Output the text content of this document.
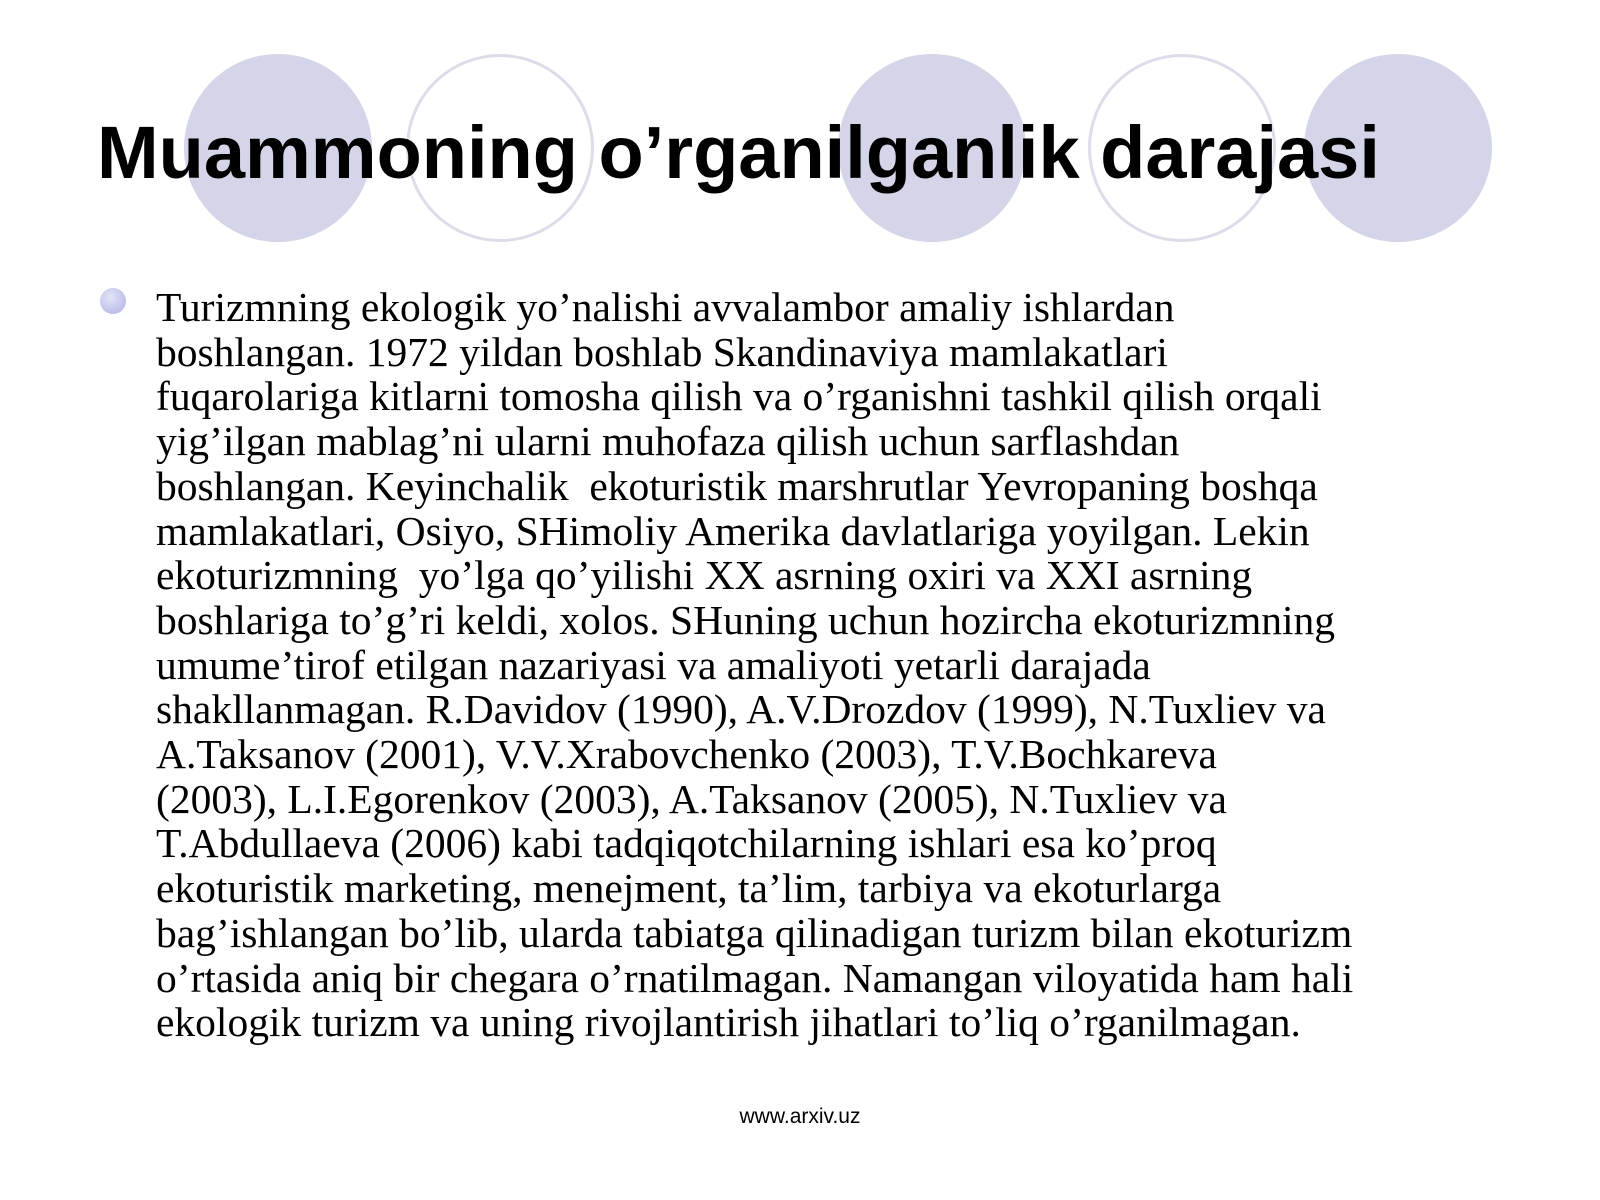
Muammoning o’rganilganlik darajasi
Turizmning ekologik yo’nalishi avvalambor amaliy ishlardan
boshlangan. 1972 yildan boshlab Skandinaviya mamlakatlari
fuqarolariga kitlarni tomosha qilish va o’rganishni tashkil qilish orqali
yig’ilgan mablag’ni ularni muhofaza qilish uchun sarflashdan
boshlangan. Keyinchalik  ekoturistik marshrutlar Yevropaning boshqa
mamlakatlari, Osiyo, SHimoliy Amerika davlatlariga yoyilgan. Lekin
ekoturizmning  yo’lga qo’yilishi XX asrning oxiri va XXI asrning
boshlariga to’g’ri keldi, xolos. SHuning uchun hozircha ekoturizmning
umume’tirof etilgan nazariyasi va amaliyoti yetarli darajada
shakllanmagan. R.Davidov (1990), A.V.Drozdov (1999), N.Tuxliev va
A.Taksanov (2001), V.V.Xrabovchenko (2003), T.V.Bochkareva
(2003), L.I.Egorenkov (2003), A.Taksanov (2005), N.Tuxliev va
T.Abdullaeva (2006) kabi tadqiqotchilarning ishlari esa ko’proq
ekoturistik marketing, menejment, ta’lim, tarbiya va ekoturlarga
bag’ishlangan bo’lib, ularda tabiatga qilinadigan turizm bilan ekoturizm
o’rtasida aniq bir chegara o’rnatilmagan. Namangan viloyatida ham hali
ekologik turizm va uning rivojlantirish jihatlari to’liq o’rganilmagan.
www.arxiv.uz
